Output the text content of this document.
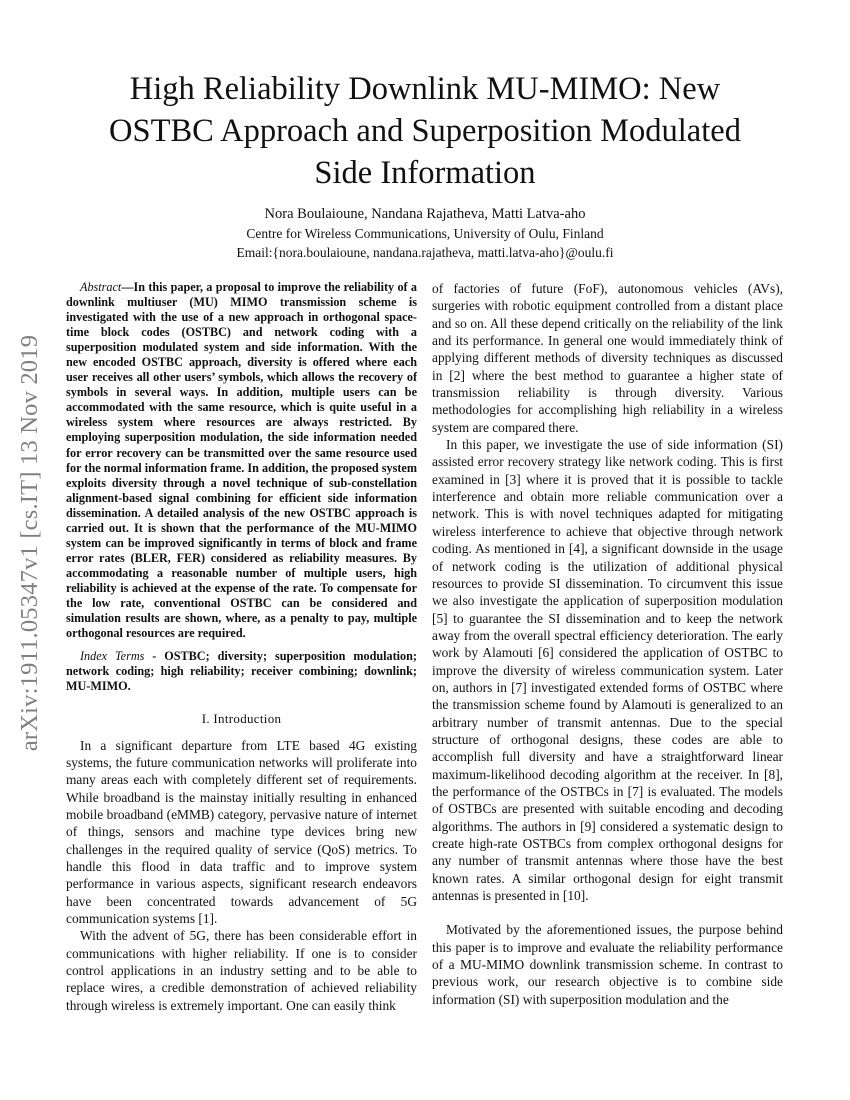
arXiv:1911.05347v1 [cs.IT] 13 Nov 2019
High Reliability Downlink MU-MIMO: New OSTBC Approach and Superposition Modulated Side Information
Nora Boulaioune, Nandana Rajatheva, Matti Latva-aho
Centre for Wireless Communications, University of Oulu, Finland
Email:{nora.boulaioune, nandana.rajatheva, matti.latva-aho}@oulu.fi

Abstract—In this paper, a proposal to improve the reliability of a downlink multiuser (MU) MIMO transmission scheme is investigated with the use of a new approach in orthogonal space-time block codes (OSTBC) and network coding with a superposition modulated system and side information. With the new encoded OSTBC approach, diversity is offered where each user receives all other users’ symbols, which allows the recovery of symbols in several ways. In addition, multiple users can be accommodated with the same resource, which is quite useful in a wireless system where resources are always restricted. By employing superposition modulation, the side information needed for error recovery can be transmitted over the same resource used for the normal information frame. In addition, the proposed system exploits diversity through a novel technique of sub-constellation alignment-based signal combining for efficient side information dissemination. A detailed analysis of the new OSTBC approach is carried out. It is shown that the performance of the MU-MIMO system can be improved significantly in terms of block and frame error rates (BLER, FER) considered as reliability measures. By accommodating a reasonable number of multiple users, high reliability is achieved at the expense of the rate. To compensate for the low rate, conventional OSTBC can be considered and simulation results are shown, where, as a penalty to pay, multiple orthogonal resources are required.

Index Terms - OSTBC; diversity; superposition modulation; network coding; high reliability; receiver combining; downlink; MU-MIMO.

I. Introduction

In a significant departure from LTE based 4G existing systems, the future communication networks will proliferate into many areas each with completely different set of requirements. While broadband is the mainstay initially resulting in enhanced mobile broadband (eMMB) category, pervasive nature of internet of things, sensors and machine type devices bring new challenges in the required quality of service (QoS) metrics. To handle this flood in data traffic and to improve system performance in various aspects, significant research endeavors have been concentrated towards advancement of 5G communication systems [1].

With the advent of 5G, there has been considerable effort in communications with higher reliability. If one is to consider control applications in an industry setting and to be able to replace wires, a credible demonstration of achieved reliability through wireless is extremely important. One can easily think

of factories of future (FoF), autonomous vehicles (AVs), surgeries with robotic equipment controlled from a distant place and so on. All these depend critically on the reliability of the link and its performance. In general one would immediately think of applying different methods of diversity techniques as discussed in [2] where the best method to guarantee a higher state of transmission reliability is through diversity. Various methodologies for accomplishing high reliability in a wireless system are compared there.

In this paper, we investigate the use of side information (SI) assisted error recovery strategy like network coding. This is first examined in [3] where it is proved that it is possible to tackle interference and obtain more reliable communication over a network. This is with novel techniques adapted for mitigating wireless interference to achieve that objective through network coding. As mentioned in [4], a significant downside in the usage of network coding is the utilization of additional physical resources to provide SI dissemination. To circumvent this issue we also investigate the application of superposition modulation [5] to guarantee the SI dissemination and to keep the network away from the overall spectral efficiency deterioration. The early work by Alamouti [6] considered the application of OSTBC to improve the diversity of wireless communication system. Later on, authors in [7] investigated extended forms of OSTBC where the transmission scheme found by Alamouti is generalized to an arbitrary number of transmit antennas. Due to the special structure of orthogonal designs, these codes are able to accomplish full diversity and have a straightforward linear maximum-likelihood decoding algorithm at the receiver. In [8], the performance of the OSTBCs in [7] is evaluated. The models of OSTBCs are presented with suitable encoding and decoding algorithms. The authors in [9] considered a systematic design to create high-rate OSTBCs from complex orthogonal designs for any number of transmit antennas where those have the best known rates. A similar orthogonal design for eight transmit antennas is presented in [10].

Motivated by the aforementioned issues, the purpose behind this paper is to improve and evaluate the reliability performance of a MU-MIMO downlink transmission scheme. In contrast to previous work, our research objective is to combine side information (SI) with superposition modulation and the
